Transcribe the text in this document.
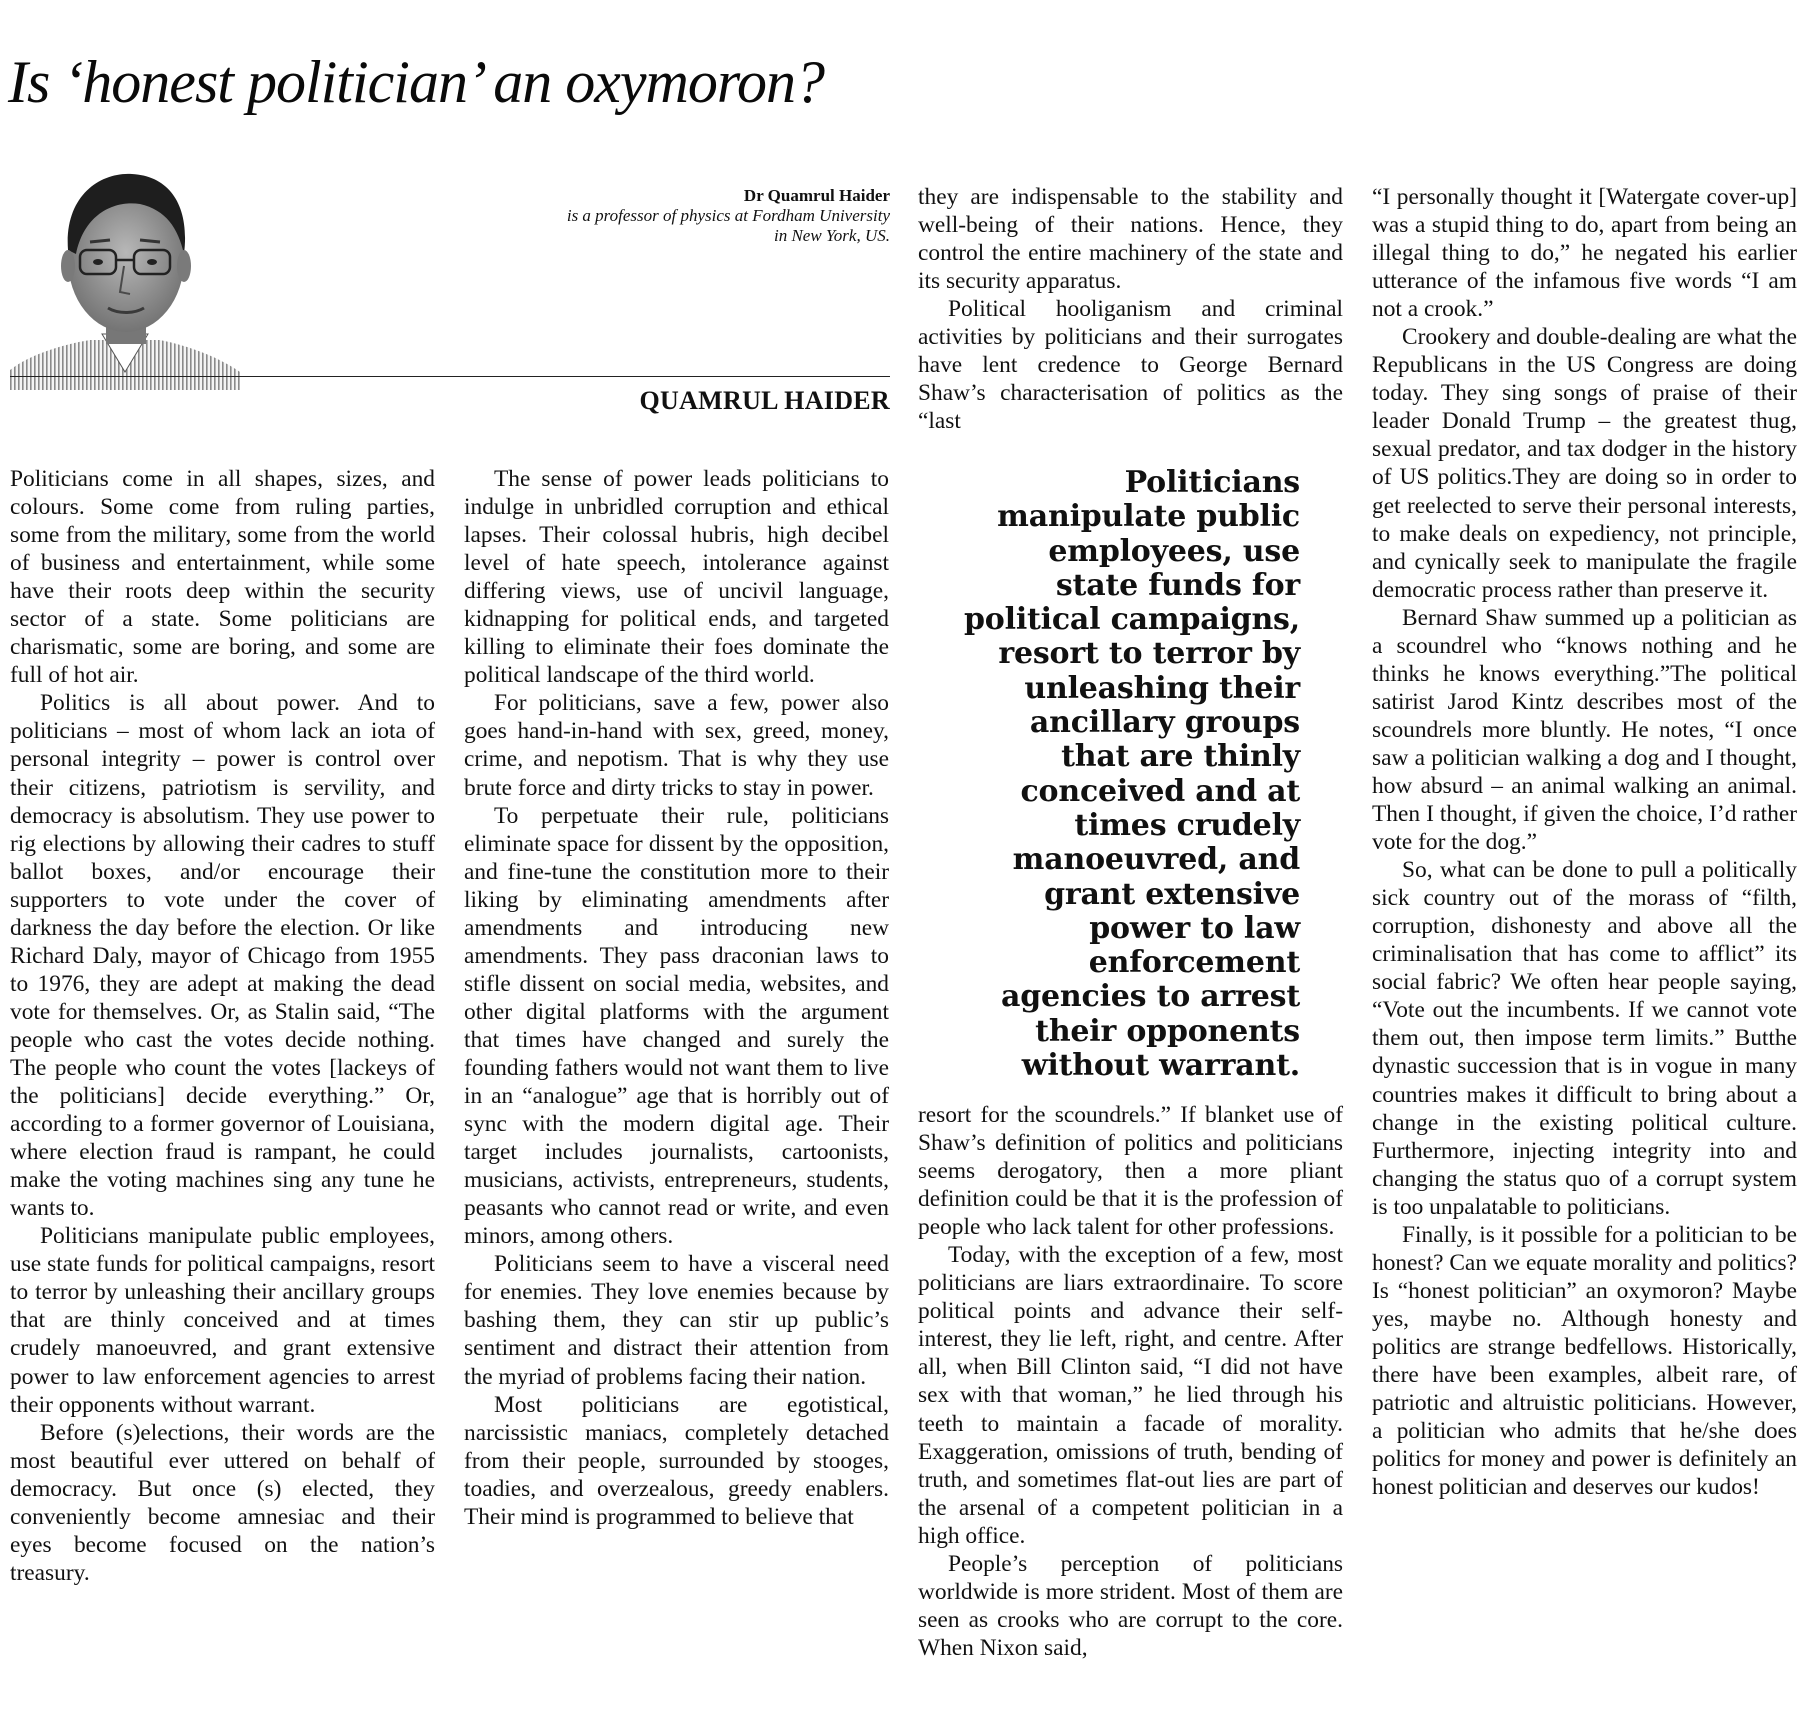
Is ‘honest politician’ an oxymoron?
Dr Quamrul Haider
is a professor of physics at Fordham University in New York, US.
QUAMRUL HAIDER

Politicians come in all shapes, sizes, and colours. Some come from ruling parties, some from the military, some from the world of business and entertainment, while some have their roots deep within the security sector of a state. Some politicians are charismatic, some are boring, and some are full of hot air.

Politics is all about power. And to politicians – most of whom lack an iota of personal integrity – power is control over their citizens, patriotism is servility, and democracy is absolutism. They use power to rig elections by allowing their cadres to stuff ballot boxes, and/or encourage their supporters to vote under the cover of darkness the day before the election. Or like Richard Daly, mayor of Chicago from 1955 to 1976, they are adept at making the dead vote for themselves. Or, as Stalin said, “The people who cast the votes decide nothing. The people who count the votes [lackeys of the politicians] decide everything.” Or, according to a former governor of Louisiana, where election fraud is rampant, he could make the voting machines sing any tune he wants to.

Politicians manipulate public employees, use state funds for political campaigns, resort to terror by unleashing their ancillary groups that are thinly conceived and at times crudely manoeuvred, and grant extensive power to law enforcement agencies to arrest their opponents without warrant.

Before (s)elections, their words are the most beautiful ever uttered on behalf of democracy. But once (s) elected, they conveniently become amnesiac and their eyes become focused on the nation’s treasury.

The sense of power leads politicians to indulge in unbridled corruption and ethical lapses. Their colossal hubris, high decibel level of hate speech, intolerance against differing views, use of uncivil language, kidnapping for political ends, and targeted killing to eliminate their foes dominate the political landscape of the third world.

For politicians, save a few, power also goes hand-in-hand with sex, greed, money, crime, and nepotism. That is why they use brute force and dirty tricks to stay in power.

To perpetuate their rule, politicians eliminate space for dissent by the opposition, and fine-tune the constitution more to their liking by eliminating amendments after amendments and introducing new amendments. They pass draconian laws to stifle dissent on social media, websites, and other digital platforms with the argument that times have changed and surely the founding fathers would not want them to live in an “analogue” age that is horribly out of sync with the modern digital age. Their target includes journalists, cartoonists, musicians, activists, entrepreneurs, students, peasants who cannot read or write, and even minors, among others.

Politicians seem to have a visceral need for enemies. They love enemies because by bashing them, they can stir up public’s sentiment and distract their attention from the myriad of problems facing their nation.

Most politicians are egotistical, narcissistic maniacs, completely detached from their people, surrounded by stooges, toadies, and overzealous, greedy enablers. Their mind is programmed to believe that

they are indispensable to the stability and well-being of their nations. Hence, they control the entire machinery of the state and its security apparatus.

Political hooliganism and criminal activities by politicians and their surrogates have lent credence to George Bernard Shaw’s characterisation of politics as the “last

Politicians manipulate public employees, use state funds for political campaigns, resort to terror by unleashing their ancillary groups that are thinly conceived and at times crudely manoeuvred, and grant extensive power to law enforcement agencies to arrest their opponents without warrant.

resort for the scoundrels.” If blanket use of Shaw’s definition of politics and politicians seems derogatory, then a more pliant definition could be that it is the profession of people who lack talent for other professions.

Today, with the exception of a few, most politicians are liars extraordinaire. To score political points and advance their self-interest, they lie left, right, and centre. After all, when Bill Clinton said, “I did not have sex with that woman,” he lied through his teeth to maintain a facade of morality. Exaggeration, omissions of truth, bending of truth, and sometimes flat-out lies are part of the arsenal of a competent politician in a high office.

People’s perception of politicians worldwide is more strident. Most of them are seen as crooks who are corrupt to the core. When Nixon said,

“I personally thought it [Watergate cover-up] was a stupid thing to do, apart from being an illegal thing to do,” he negated his earlier utterance of the infamous five words “I am not a crook.”

Crookery and double-dealing are what the Republicans in the US Congress are doing today. They sing songs of praise of their leader Donald Trump – the greatest thug, sexual predator, and tax dodger in the history of US politics.They are doing so in order to get reelected to serve their personal interests, to make deals on expediency, not principle, and cynically seek to manipulate the fragile democratic process rather than preserve it.

Bernard Shaw summed up a politician as a scoundrel who “knows nothing and he thinks he knows everything.”The political satirist Jarod Kintz describes most of the scoundrels more bluntly. He notes, “I once saw a politician walking a dog and I thought, how absurd – an animal walking an animal. Then I thought, if given the choice, I’d rather vote for the dog.”

So, what can be done to pull a politically sick country out of the morass of “filth, corruption, dishonesty and above all the criminalisation that has come to afflict” its social fabric? We often hear people saying, “Vote out the incumbents. If we cannot vote them out, then impose term limits.” Butthe dynastic succession that is in vogue in many countries makes it difficult to bring about a change in the existing political culture. Furthermore, injecting integrity into and changing the status quo of a corrupt system is too unpalatable to politicians.

Finally, is it possible for a politician to be honest? Can we equate morality and politics? Is “honest politician” an oxymoron? Maybe yes, maybe no. Although honesty and politics are strange bedfellows. Historically, there have been examples, albeit rare, of patriotic and altruistic politicians. However, a politician who admits that he/she does politics for money and power is definitely an honest politician and deserves our kudos!
